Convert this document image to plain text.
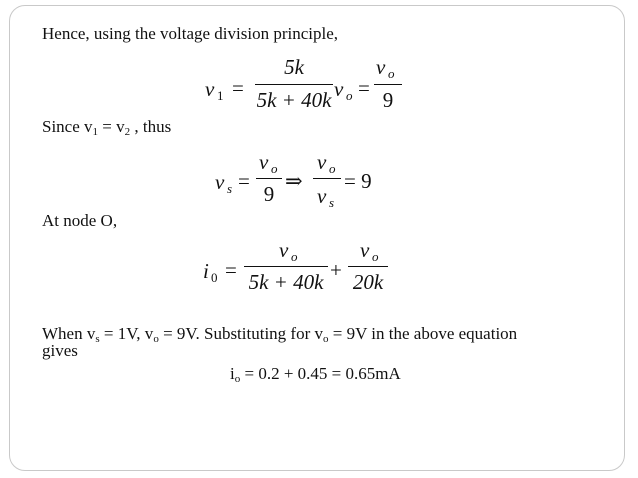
Hence, using the voltage division principle,
v 1 =
5k
5k + 40k v o =
v o
9
Since $v_1 = v_2$ , thus
v s =
v o
9
⇒
v o
v s
= 9
At node O,
i 0 =
v o
5k + 40k +
v o
20k
When $v_s = 1V$, $v_o = 9V$. Substituting for $v_o = 9V$ in the above equation
gives
$i_o = 0.2 + 0.45 = 0.65mA$
